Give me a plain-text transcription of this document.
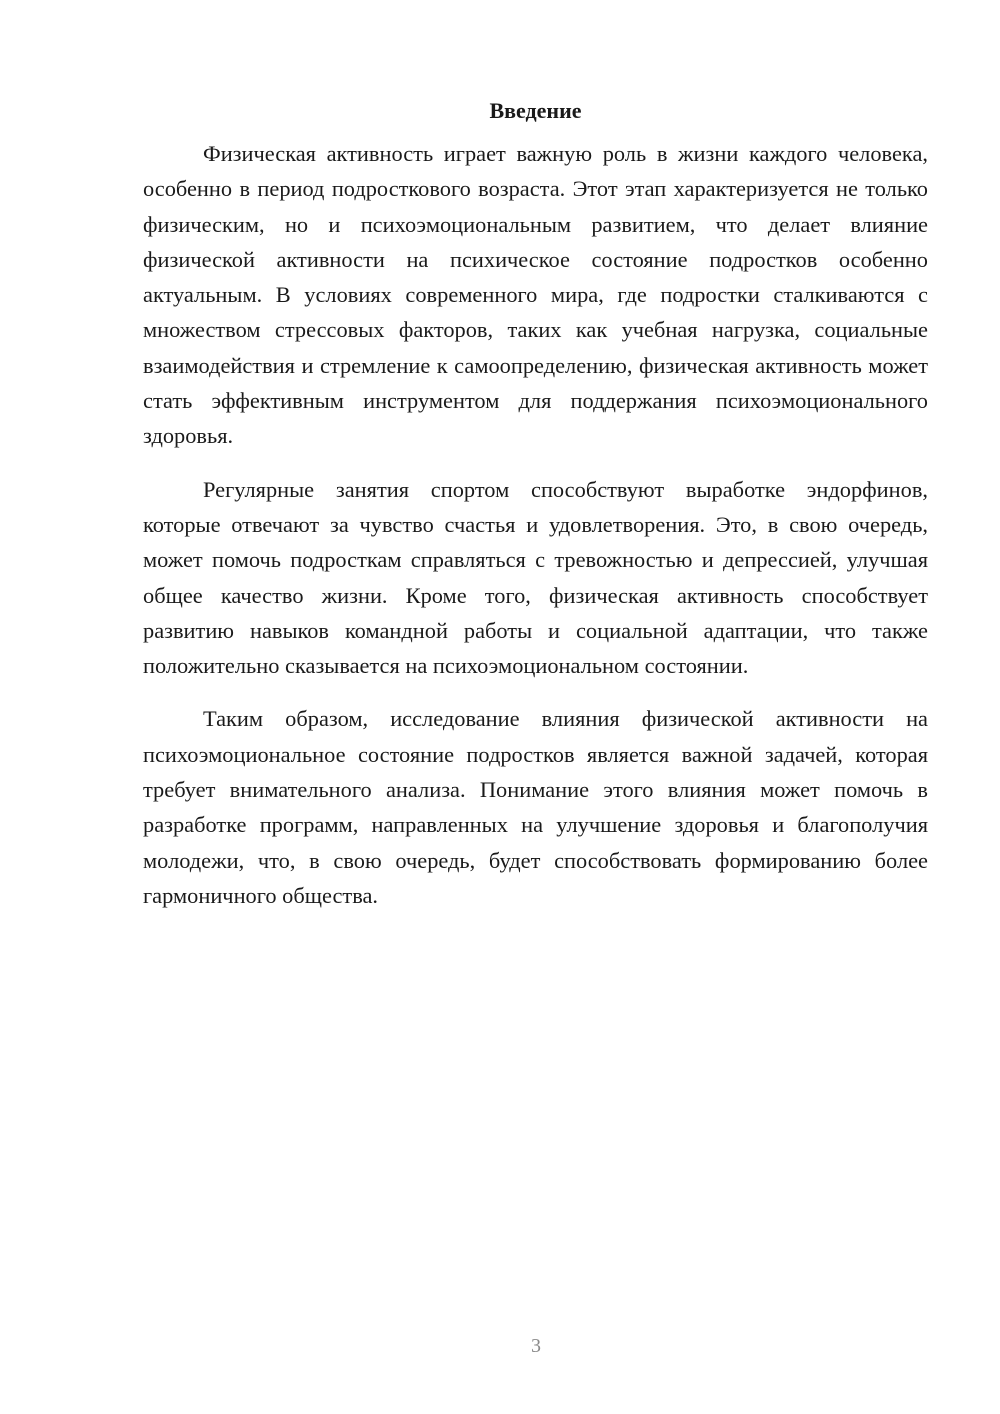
Введение

Физическая активность играет важную роль в жизни каждого человека, особенно в период подросткового возраста. Этот этап характеризуется не только физическим, но и психоэмоциональным развитием, что делает влияние физической активности на психическое состояние подростков особенно актуальным. В условиях современного мира, где подростки сталкиваются с множеством стрессовых факторов, таких как учебная нагрузка, социальные взаимодействия и стремление к самоопределению, физическая активность может стать эффективным инструментом для поддержания психоэмоционального здоровья.

Регулярные занятия спортом способствуют выработке эндорфинов, которые отвечают за чувство счастья и удовлетворения. Это, в свою очередь, может помочь подросткам справляться с тревожностью и депрессией, улучшая общее качество жизни. Кроме того, физическая активность способствует развитию навыков командной работы и социальной адаптации, что также положительно сказывается на психоэмоциональном состоянии.

Таким образом, исследование влияния физической активности на психоэмоциональное состояние подростков является важной задачей, которая требует внимательного анализа. Понимание этого влияния может помочь в разработке программ, направленных на улучшение здоровья и благополучия молодежи, что, в свою очередь, будет способствовать формированию более гармоничного общества.

3
